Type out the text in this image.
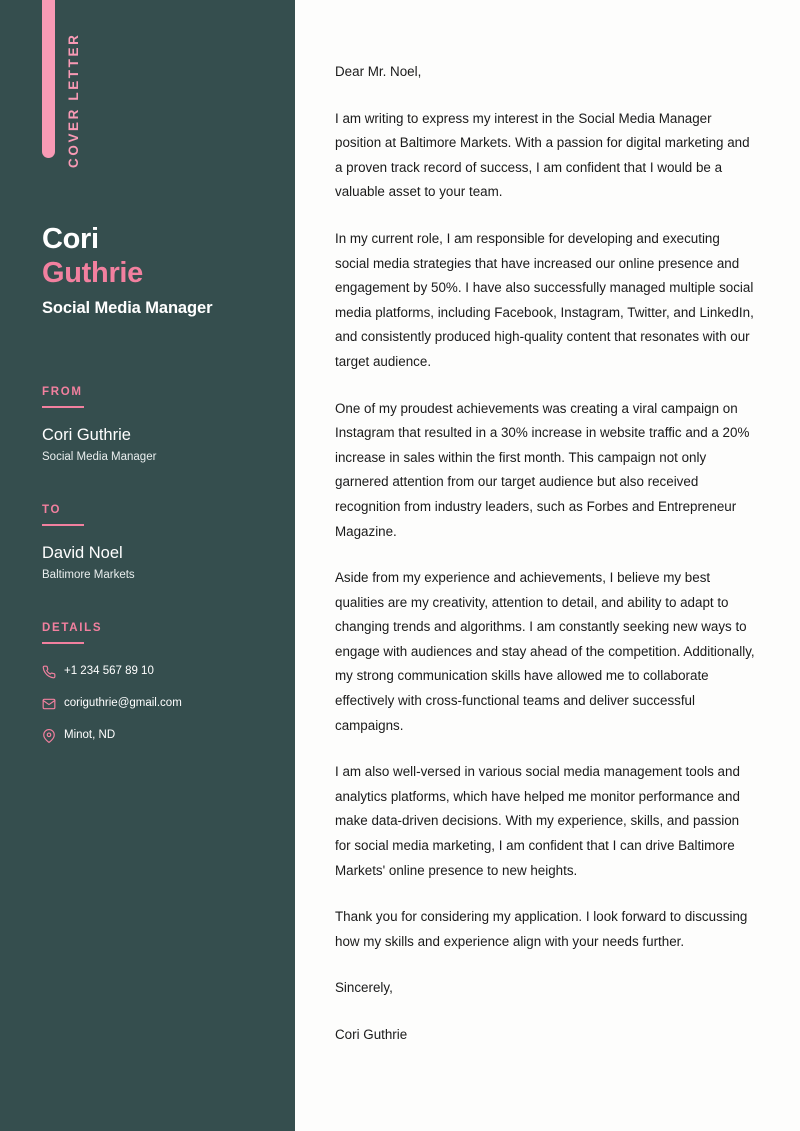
COVER LETTER
Cori
Guthrie
Social Media Manager
FROM
Cori Guthrie
Social Media Manager
TO
David Noel
Baltimore Markets
DETAILS
+1 234 567 89 10
coriguthrie@gmail.com
Minot, ND

Dear Mr. Noel,

I am writing to express my interest in the Social Media Manager position at Baltimore Markets. With a passion for digital marketing and a proven track record of success, I am confident that I would be a valuable asset to your team.

In my current role, I am responsible for developing and executing social media strategies that have increased our online presence and engagement by 50%. I have also successfully managed multiple social media platforms, including Facebook, Instagram, Twitter, and LinkedIn, and consistently produced high-quality content that resonates with our target audience.

One of my proudest achievements was creating a viral campaign on Instagram that resulted in a 30% increase in website traffic and a 20% increase in sales within the first month. This campaign not only garnered attention from our target audience but also received recognition from industry leaders, such as Forbes and Entrepreneur Magazine.

Aside from my experience and achievements, I believe my best qualities are my creativity, attention to detail, and ability to adapt to changing trends and algorithms. I am constantly seeking new ways to engage with audiences and stay ahead of the competition. Additionally, my strong communication skills have allowed me to collaborate effectively with cross-functional teams and deliver successful campaigns.

I am also well-versed in various social media management tools and analytics platforms, which have helped me monitor performance and make data-driven decisions. With my experience, skills, and passion for social media marketing, I am confident that I can drive Baltimore Markets' online presence to new heights.

Thank you for considering my application. I look forward to discussing how my skills and experience align with your needs further.

Sincerely,

Cori Guthrie
